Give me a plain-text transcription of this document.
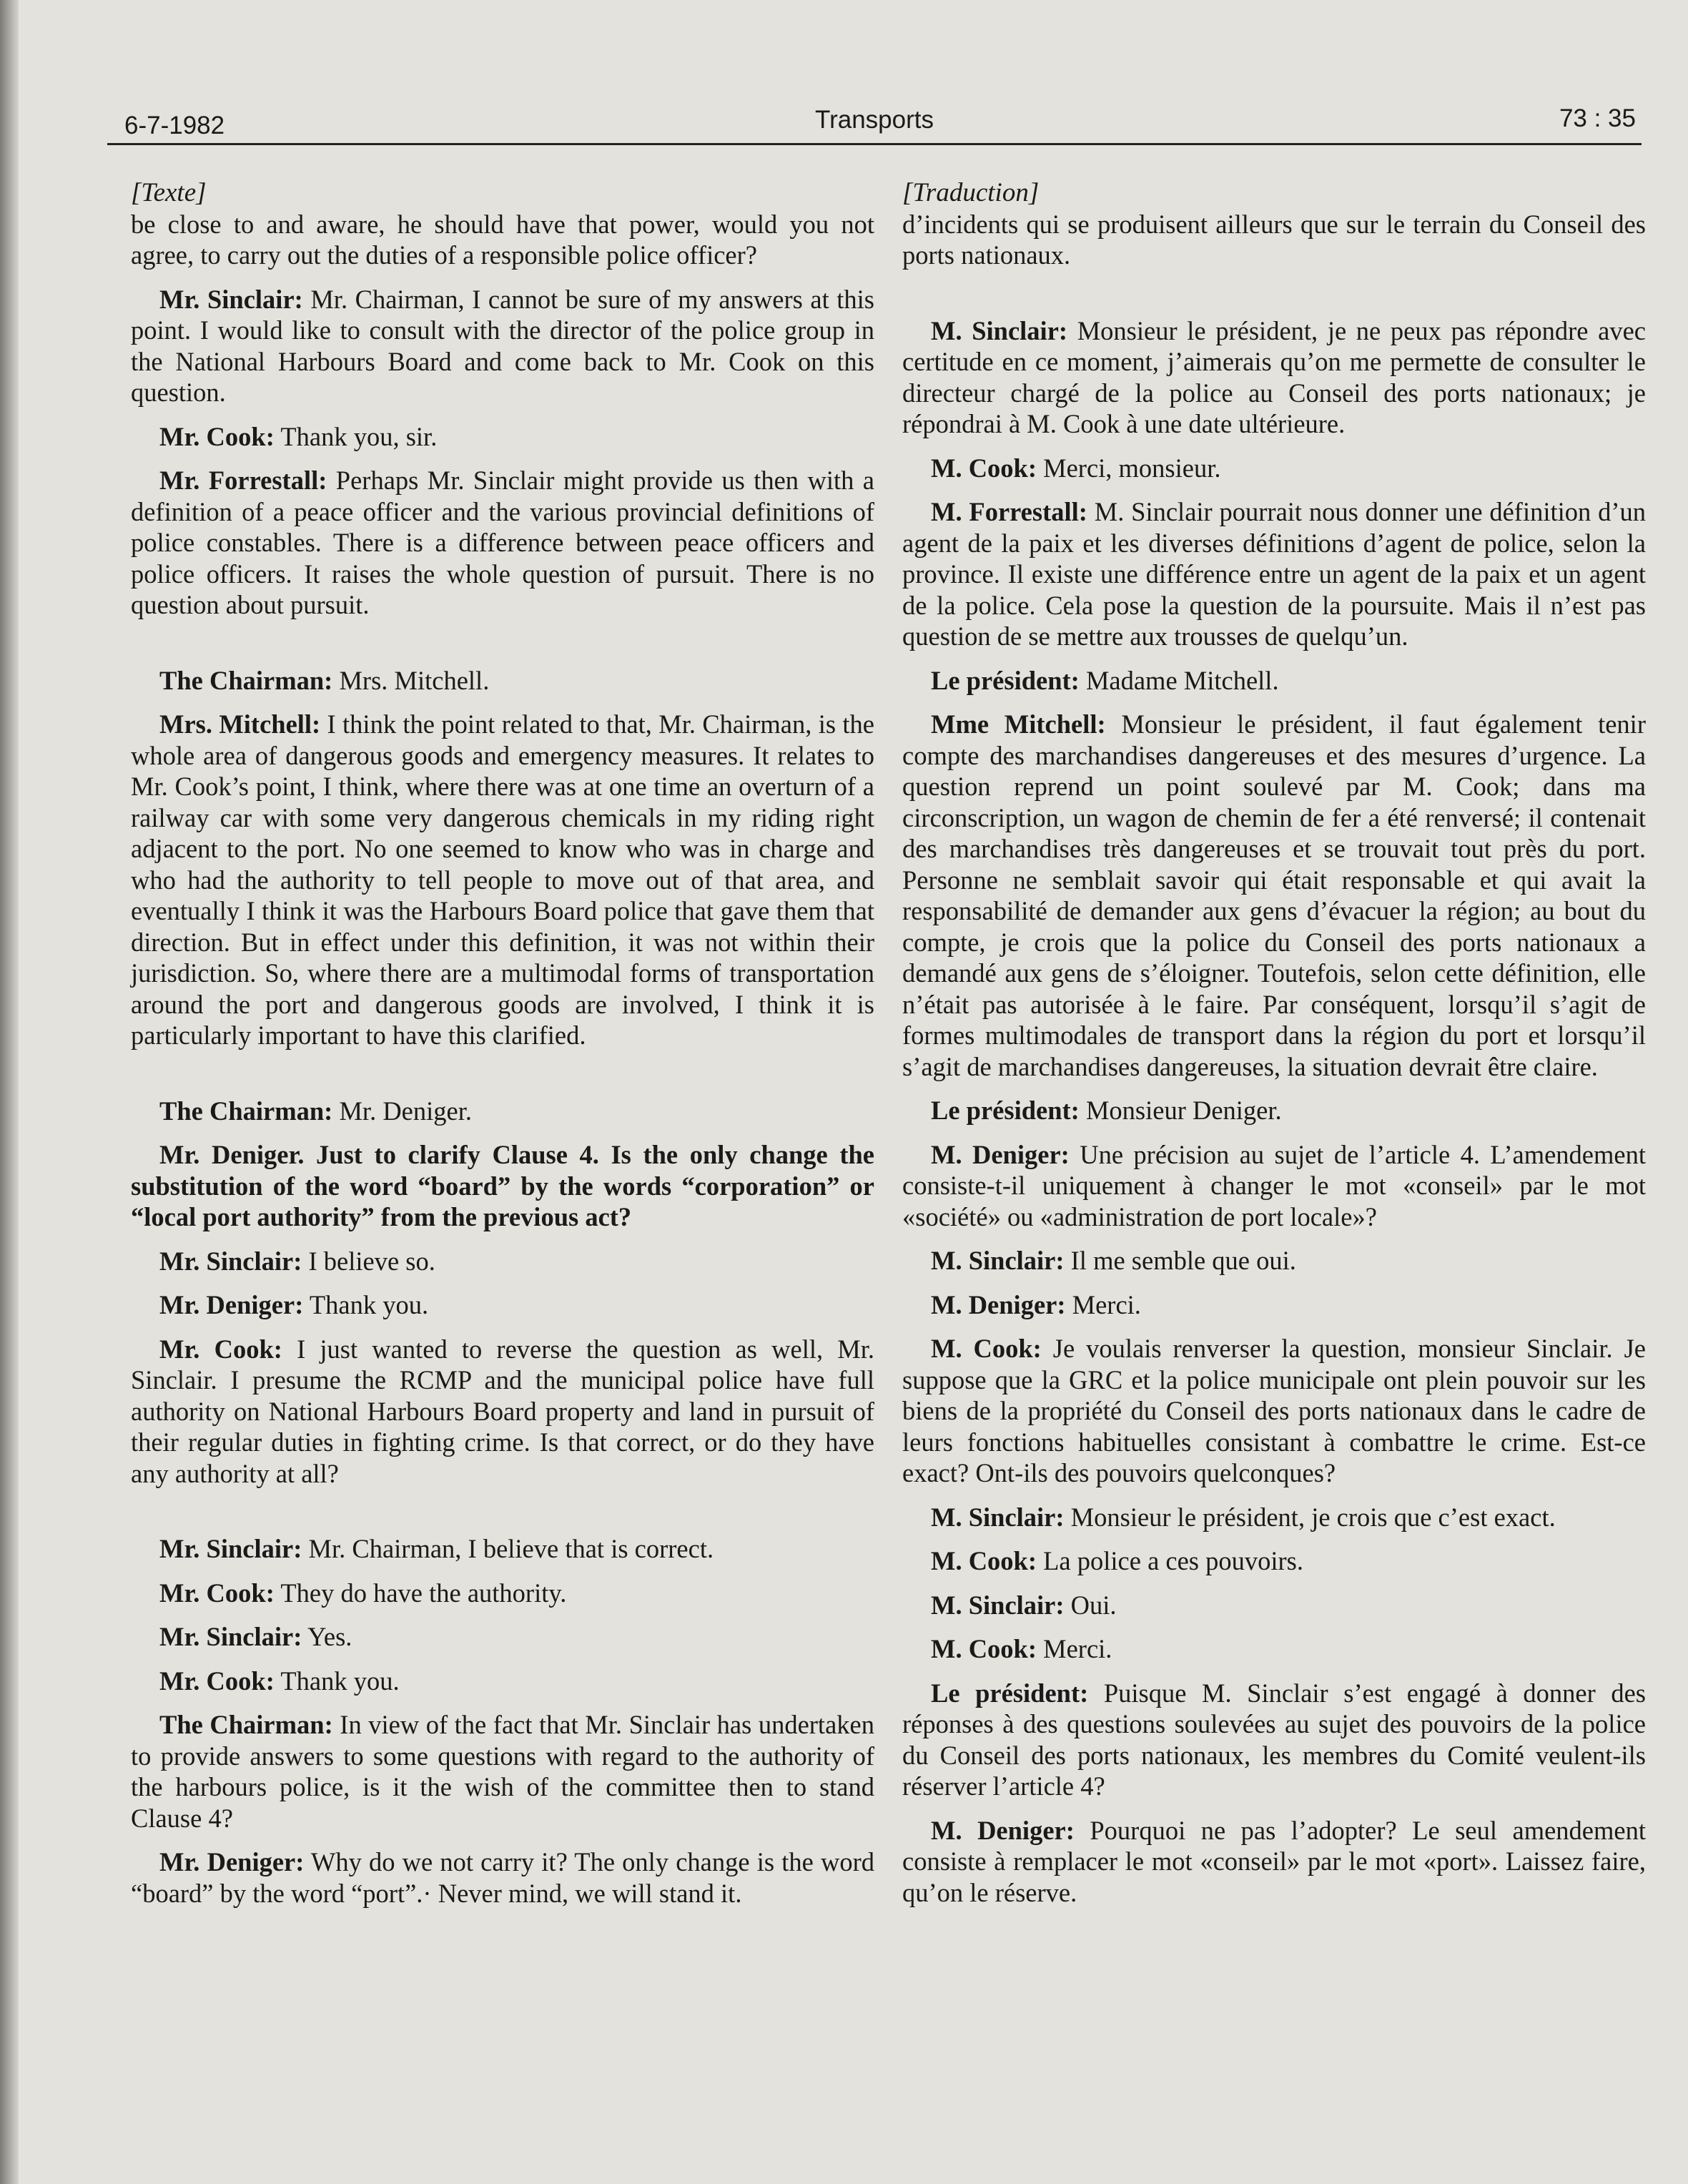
6-7-1982	Transports	73 : 35
[Texte]

be close to and aware, he should have that power, would you not agree, to carry out the duties of a responsible police officer?

Mr. Sinclair: Mr. Chairman, I cannot be sure of my answers at this point. I would like to consult with the director of the police group in the National Harbours Board and come back to Mr. Cook on this question.

Mr. Cook: Thank you, sir.

Mr. Forrestall: Perhaps Mr. Sinclair might provide us then with a definition of a peace officer and the various provincial definitions of police constables. There is a difference between peace officers and police officers. It raises the whole question of pursuit. There is no question about pursuit.

The Chairman: Mrs. Mitchell.

Mrs. Mitchell: I think the point related to that, Mr. Chairman, is the whole area of dangerous goods and emergency measures. It relates to Mr. Cook’s point, I think, where there was at one time an overturn of a railway car with some very dangerous chemicals in my riding right adjacent to the port. No one seemed to know who was in charge and who had the authority to tell people to move out of that area, and eventually I think it was the Harbours Board police that gave them that direction. But in effect under this definition, it was not within their jurisdiction. So, where there are a multimodal forms of transportation around the port and dangerous goods are involved, I think it is particularly important to have this clarified.

The Chairman: Mr. Deniger.

Mr. Deniger. Just to clarify Clause 4. Is the only change the substitution of the word “board” by the words “corporation” or “local port authority” from the previous act?

Mr. Sinclair: I believe so.

Mr. Deniger: Thank you.

Mr. Cook: I just wanted to reverse the question as well, Mr. Sinclair. I presume the RCMP and the municipal police have full authority on National Harbours Board property and land in pursuit of their regular duties in fighting crime. Is that correct, or do they have any authority at all?

Mr. Sinclair: Mr. Chairman, I believe that is correct.

Mr. Cook: They do have the authority.

Mr. Sinclair: Yes.

Mr. Cook: Thank you.

The Chairman: In view of the fact that Mr. Sinclair has undertaken to provide answers to some questions with regard to the authority of the harbours police, is it the wish of the committee then to stand Clause 4?

Mr. Deniger: Why do we not carry it? The only change is the word “board” by the word “port”.· Never mind, we will stand it.

[Traduction]

d’incidents qui se produisent ailleurs que sur le terrain du Conseil des ports nationaux.

M. Sinclair: Monsieur le président, je ne peux pas répondre avec certitude en ce moment, j’aimerais qu’on me permette de consulter le directeur chargé de la police au Conseil des ports nationaux; je répondrai à M. Cook à une date ultérieure.

M. Cook: Merci, monsieur.

M. Forrestall: M. Sinclair pourrait nous donner une définition d’un agent de la paix et les diverses définitions d’agent de police, selon la province. Il existe une différence entre un agent de la paix et un agent de la police. Cela pose la question de la poursuite. Mais il n’est pas question de se mettre aux trousses de quelqu’un.

Le président: Madame Mitchell.

Mme Mitchell: Monsieur le président, il faut également tenir compte des marchandises dangereuses et des mesures d’urgence. La question reprend un point soulevé par M. Cook; dans ma circonscription, un wagon de chemin de fer a été renversé; il contenait des marchandises très dangereuses et se trouvait tout près du port. Personne ne semblait savoir qui était responsable et qui avait la responsabilité de demander aux gens d’évacuer la région; au bout du compte, je crois que la police du Conseil des ports nationaux a demandé aux gens de s’éloigner. Toutefois, selon cette définition, elle n’était pas autorisée à le faire. Par conséquent, lorsqu’il s’agit de formes multimodales de transport dans la région du port et lorsqu’il s’agit de marchandises dangereuses, la situation devrait être claire.

Le président: Monsieur Deniger.

M. Deniger: Une précision au sujet de l’article 4. L’amendement consiste-t-il uniquement à changer le mot «conseil» par le mot «société» ou «administration de port locale»?

M. Sinclair: Il me semble que oui.

M. Deniger: Merci.

M. Cook: Je voulais renverser la question, monsieur Sinclair. Je suppose que la GRC et la police municipale ont plein pouvoir sur les biens de la propriété du Conseil des ports nationaux dans le cadre de leurs fonctions habituelles consistant à combattre le crime. Est-ce exact? Ont-ils des pouvoirs quelconques?

M. Sinclair: Monsieur le président, je crois que c’est exact.

M. Cook: La police a ces pouvoirs.

M. Sinclair: Oui.

M. Cook: Merci.

Le président: Puisque M. Sinclair s’est engagé à donner des réponses à des questions soulevées au sujet des pouvoirs de la police du Conseil des ports nationaux, les membres du Comité veulent-ils réserver l’article 4?

M. Deniger: Pourquoi ne pas l’adopter? Le seul amendement consiste à remplacer le mot «conseil» par le mot «port». Laissez faire, qu’on le réserve.
